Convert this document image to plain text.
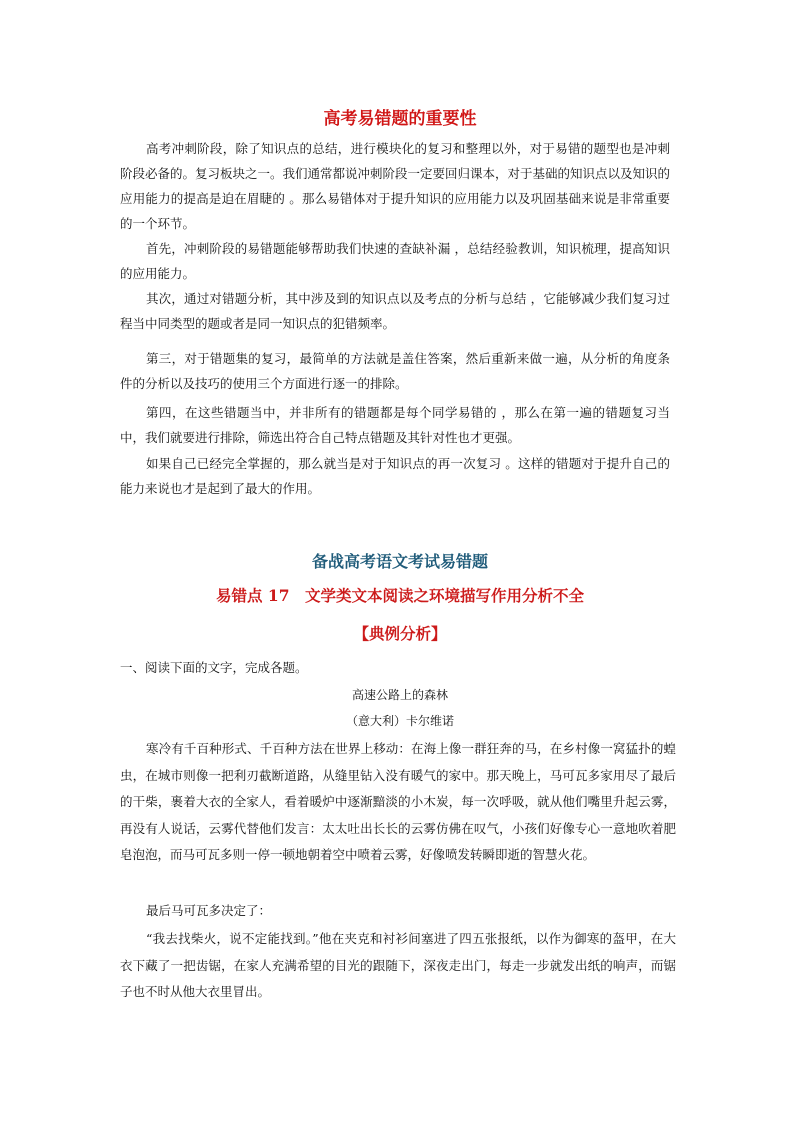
高考易错题的重要性
高考冲刺阶段，除了知识点的总结，进行模块化的复习和整理以外，对于易错的题型也是冲刺阶段必备的。复习板块之一。我们通常都说冲刺阶段一定要回归课本，对于基础的知识点以及知识的应用能力的提高是迫在眉睫的 。那么易错体对于提升知识的应用能力以及巩固基础来说是非常重要的一个环节。
首先，冲刺阶段的易错题能够帮助我们快速的查缺补漏 ，总结经验教训，知识梳理，提高知识的应用能力。
其次，通过对错题分析，其中涉及到的知识点以及考点的分析与总结 ，它能够减少我们复习过程当中同类型的题或者是同一知识点的犯错频率。
第三，对于错题集的复习，最简单的方法就是盖住答案，然后重新来做一遍，从分析的角度条件的分析以及技巧的使用三个方面进行逐一的排除。
第四，在这些错题当中，并非所有的错题都是每个同学易错的 ，那么在第一遍的错题复习当中，我们就要进行排除，筛选出符合自己特点错题及其针对性也才更强。
如果自己已经完全掌握的，那么就当是对于知识点的再一次复习 。这样的错题对于提升自己的能力来说也才是起到了最大的作用。
备战高考语文考试易错题
易错点 17　文学类文本阅读之环境描写作用分析不全
【典例分析】
一、阅读下面的文字，完成各题。
高速公路上的森林
（意大利）卡尔维诺
寒冷有千百种形式、千百种方法在世界上移动：在海上像一群狂奔的马，在乡村像一窝猛扑的蝗虫，在城市则像一把利刃截断道路，从缝里钻入没有暖气的家中。那天晚上，马可瓦多家用尽了最后的干柴，裹着大衣的全家人，看着暖炉中逐渐黯淡的小木炭，每一次呼吸，就从他们嘴里升起云雾，再没有人说话，云雾代替他们发言：太太吐出长长的云雾仿佛在叹气，小孩们好像专心一意地吹着肥皂泡泡，而马可瓦多则一停一顿地朝着空中喷着云雾，好像喷发转瞬即逝的智慧火花。
最后马可瓦多决定了：
“我去找柴火，说不定能找到。”他在夹克和衬衫间塞进了四五张报纸，以作为御寒的盔甲，在大衣下藏了一把齿锯，在家人充满希望的目光的跟随下，深夜走出门，每走一步就发出纸的响声，而锯子也不时从他大衣里冒出。
